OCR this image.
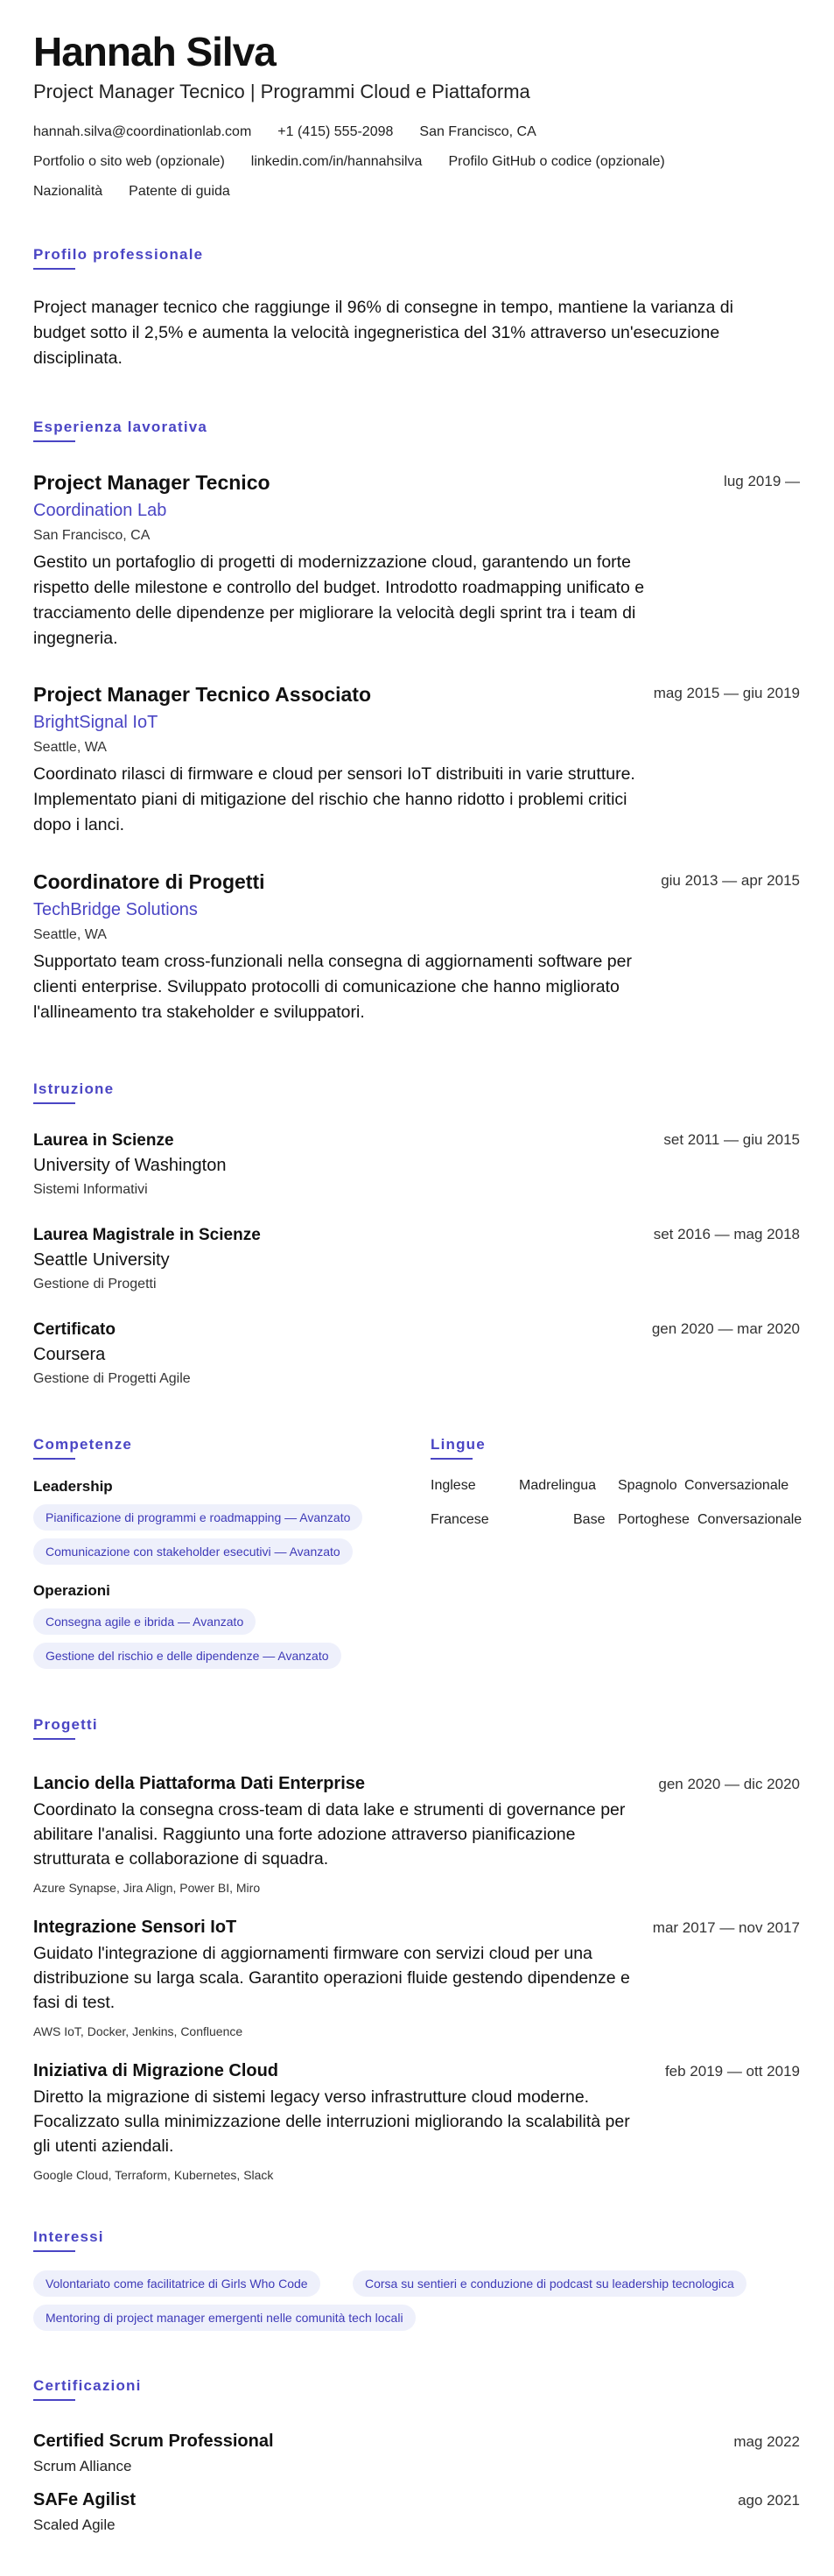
Hannah Silva
Project Manager Tecnico | Programmi Cloud e Piattaforma
hannah.silva@coordinationlab.com +1 (415) 555-2098 San Francisco, CA
Portfolio o sito web (opzionale) linkedin.com/in/hannahsilva Profilo GitHub o codice (opzionale)
Nazionalità Patente di guida
Profilo professionale
Project manager tecnico che raggiunge il 96% di consegne in tempo, mantiene la varianza di budget sotto il 2,5% e aumenta la velocità ingegneristica del 31% attraverso un'esecuzione disciplinata.
Esperienza lavorativa
Project Manager Tecnico	lug 2019 —
Coordination Lab
San Francisco, CA
Gestito un portafoglio di progetti di modernizzazione cloud, garantendo un forte rispetto delle milestone e controllo del budget. Introdotto roadmapping unificato e tracciamento delle dipendenze per migliorare la velocità degli sprint tra i team di ingegneria.
Project Manager Tecnico Associato	mag 2015 — giu 2019
BrightSignal IoT
Seattle, WA
Coordinato rilasci di firmware e cloud per sensori IoT distribuiti in varie strutture. Implementato piani di mitigazione del rischio che hanno ridotto i problemi critici dopo i lanci.
Coordinatore di Progetti	giu 2013 — apr 2015
TechBridge Solutions
Seattle, WA
Supportato team cross-funzionali nella consegna di aggiornamenti software per clienti enterprise. Sviluppato protocolli di comunicazione che hanno migliorato l'allineamento tra stakeholder e sviluppatori.
Istruzione
Laurea in Scienze	set 2011 — giu 2015
University of Washington
Sistemi Informativi
Laurea Magistrale in Scienze	set 2016 — mag 2018
Seattle University
Gestione di Progetti
Certificato	gen 2020 — mar 2020
Coursera
Gestione di Progetti Agile
Competenze
Leadership
Pianificazione di programmi e roadmapping — Avanzato
Comunicazione con stakeholder esecutivi — Avanzato
Operazioni
Consegna agile e ibrida — Avanzato
Gestione del rischio e delle dipendenze — Avanzato
Lingue
Inglese	Madrelingua Spagnolo Conversazionale
Francese	Base Portoghese Conversazionale
Progetti
Lancio della Piattaforma Dati Enterprise	gen 2020 — dic 2020
Coordinato la consegna cross-team di data lake e strumenti di governance per abilitare l'analisi. Raggiunto una forte adozione attraverso pianificazione strutturata e collaborazione di squadra.
Azure Synapse, Jira Align, Power BI, Miro
Integrazione Sensori IoT	mar 2017 — nov 2017
Guidato l'integrazione di aggiornamenti firmware con servizi cloud per una distribuzione su larga scala. Garantito operazioni fluide gestendo dipendenze e fasi di test.
AWS IoT, Docker, Jenkins, Confluence
Iniziativa di Migrazione Cloud	feb 2019 — ott 2019
Diretto la migrazione di sistemi legacy verso infrastrutture cloud moderne. Focalizzato sulla minimizzazione delle interruzioni migliorando la scalabilità per gli utenti aziendali.
Google Cloud, Terraform, Kubernetes, Slack
Interessi
Volontariato come facilitatrice di Girls Who Code	Corsa su sentieri e conduzione di podcast su leadership tecnologica
Mentoring di project manager emergenti nelle comunità tech locali
Certificazioni
Certified Scrum Professional	mag 2022
Scrum Alliance
SAFe Agilist	ago 2021
Scaled Agile
